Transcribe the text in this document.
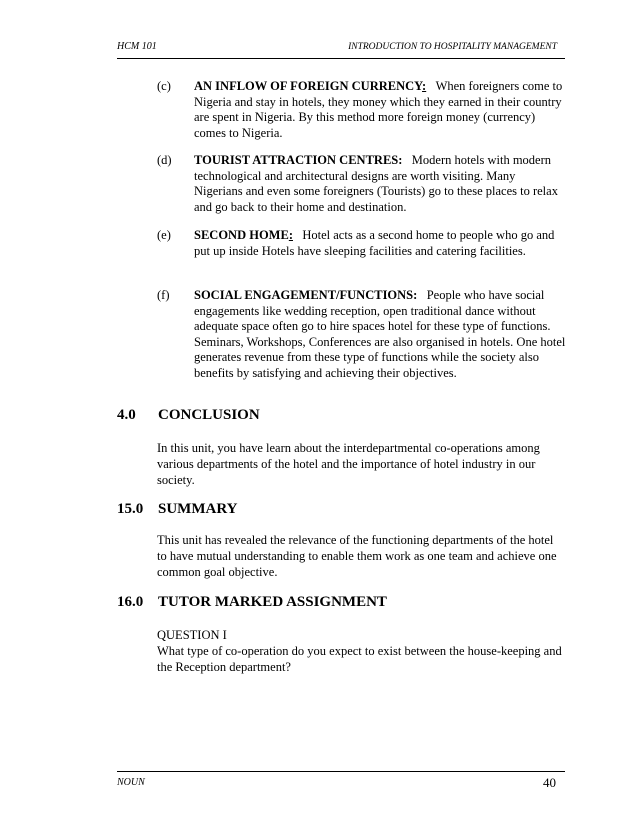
HCM 101	INTRODUCTION TO HOSPITALITY MANAGEMENT
(c) AN INFLOW OF FOREIGN CURRENCY: When foreigners come to Nigeria and stay in hotels, they money which they earned in their country are spent in Nigeria. By this method more foreign money (currency) comes to Nigeria.
(d) TOURIST ATTRACTION CENTRES: Modern hotels with modern technological and architectural designs are worth visiting. Many Nigerians and even some foreigners (Tourists) go to these places to relax and go back to their home and destination.
(e) SECOND HOME: Hotel acts as a second home to people who go and put up inside Hotels have sleeping facilities and catering facilities.
(f) SOCIAL ENGAGEMENT/FUNCTIONS: People who have social engagements like wedding reception, open traditional dance without adequate space often go to hire spaces hotel for these type of functions. Seminars, Workshops, Conferences are also organised in hotels. One hotel generates revenue from these type of functions while the society also benefits by satisfying and achieving their objectives.
4.0 CONCLUSION
In this unit, you have learn about the interdepartmental co-operations among various departments of the hotel and the importance of hotel industry in our society.
15.0 SUMMARY
This unit has revealed the relevance of the functioning departments of the hotel to have mutual understanding to enable them work as one team and achieve one common goal objective.
16.0 TUTOR MARKED ASSIGNMENT
QUESTION I
What type of co-operation do you expect to exist between the house-keeping and the Reception department?
NOUN	40
